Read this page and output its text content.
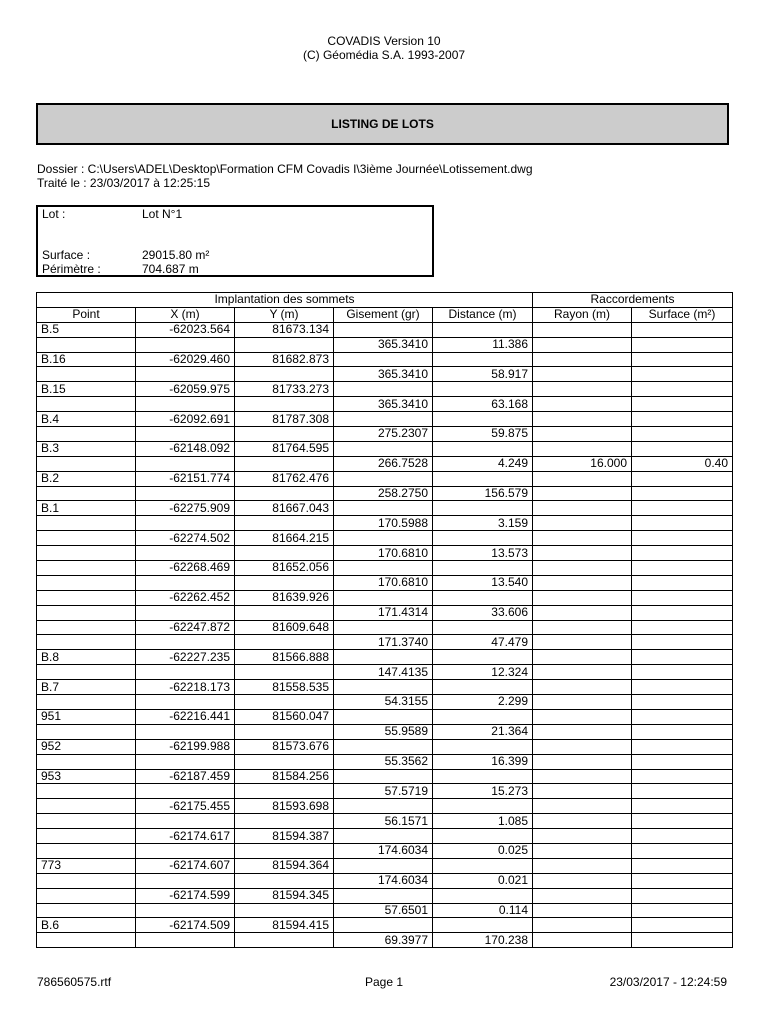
COVADIS Version 10
(C) Géomédia S.A. 1993-2007
LISTING DE LOTS
Dossier : C:\Users\ADEL\Desktop\Formation CFM Covadis I\3ième Journée\Lotissement.dwg
Traité le : 23/03/2017 à 12:25:15
Lot :	Lot N°1
Surface :	29015.80 m²
Périmètre :	704.687 m
Implantation des sommets					Raccordements	
Point	X (m)	Y (m)	Gisement (gr)	Distance (m)	Rayon (m)	Surface (m²)
B.5	-62023.564	81673.134				
			365.3410	11.386		
B.16	-62029.460	81682.873				
			365.3410	58.917		
B.15	-62059.975	81733.273				
			365.3410	63.168		
B.4	-62092.691	81787.308				
			275.2307	59.875		
B.3	-62148.092	81764.595				
			266.7528	4.249	16.000	0.40
B.2	-62151.774	81762.476				
			258.2750	156.579		
B.1	-62275.909	81667.043				
			170.5988	3.159		
	-62274.502	81664.215				
			170.6810	13.573		
	-62268.469	81652.056				
			170.6810	13.540		
	-62262.452	81639.926				
			171.4314	33.606		
	-62247.872	81609.648				
			171.3740	47.479		
B.8	-62227.235	81566.888				
			147.4135	12.324		
B.7	-62218.173	81558.535				
			54.3155	2.299		
951	-62216.441	81560.047				
			55.9589	21.364		
952	-62199.988	81573.676				
			55.3562	16.399		
953	-62187.459	81584.256				
			57.5719	15.273		
	-62175.455	81593.698				
			56.1571	1.085		
	-62174.617	81594.387				
			174.6034	0.025		
773	-62174.607	81594.364				
			174.6034	0.021		
	-62174.599	81594.345				
			57.6501	0.114		
B.6	-62174.509	81594.415				
			69.3977	170.238		
786560575.rtf	Page 1	23/03/2017 - 12:24:59
